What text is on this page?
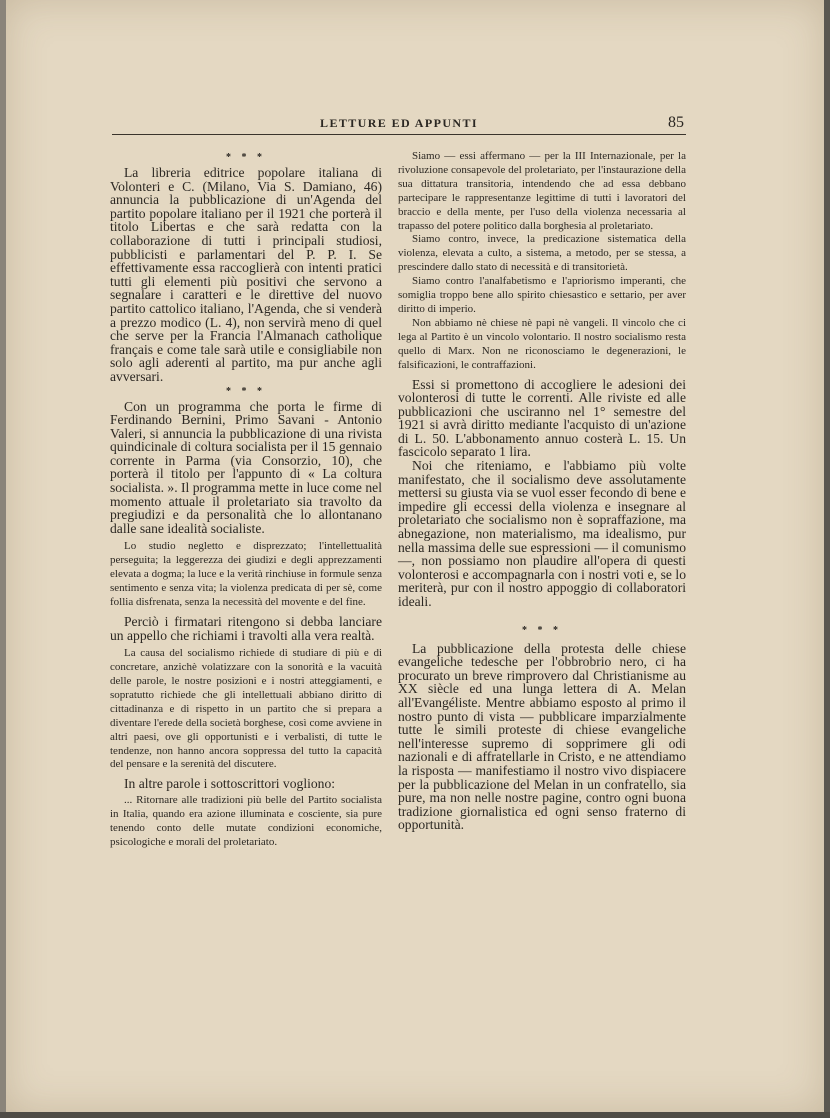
LETTURE ED APPUNTI	85
* * *

La libreria editrice popolare italiana di Volonteri e C. (Milano, Via S. Damiano, 46) annuncia la pubblicazione di un'Agenda del partito popolare italiano per il 1921 che porterà il titolo Libertas e che sarà redatta con la collaborazione di tutti i principali studiosi, pubblicisti e parlamentari del P. P. I. Se effettivamente essa raccoglierà con intenti pratici tutti gli elementi più positivi che servono a segnalare i caratteri e le direttive del nuovo partito cattolico italiano, l'Agenda, che si venderà a prezzo modico (L. 4), non servirà meno di quel che serve per la Francia l'Almanach catholique français e come tale sarà utile e consigliabile non solo agli aderenti al partito, ma pur anche agli avversari.

* * *

Con un programma che porta le firme di Ferdinando Bernini, Primo Savani - Antonio Valeri, si annuncia la pubblicazione di una rivista quindicinale di coltura socialista per il 15 gennaio corrente in Parma (via Consorzio, 10), che porterà il titolo per l'appunto di « La coltura socialista. ». Il programma mette in luce come nel momento attuale il proletariato sia travolto da pregiudizi e da personalità che lo allontanano dalle sane idealità socialiste.

Lo studio negletto e disprezzato; l'intellettualità perseguita; la leggerezza dei giudizi e degli apprezzamenti elevata a dogma; la luce e la verità rinchiuse in formule senza sentimento e senza vita; la violenza predicata di per sè, come follia disfrenata, senza la necessità del movente e del fine.

Perciò i firmatari ritengono si debba lanciare un appello che richiami i travolti alla vera realtà.

La causa del socialismo richiede di studiare di più e di concretare, anzichè volatizzare con la sonorità e la vacuità delle parole, le nostre posizioni e i nostri atteggiamenti, e sopratutto richiede che gli intellettuali abbiano diritto di cittadinanza e di rispetto in un partito che si prepara a diventare l'erede della società borghese, così come avviene in altri paesi, ove gli opportunisti e i verbalisti, di tutte le tendenze, non hanno ancora soppressa del tutto la capacità del pensare e la serenità del discutere.

In altre parole i sottoscrittori vogliono:

... Ritornare alle tradizioni più belle del Partito socialista in Italia, quando era azione illuminata e cosciente, sia pure tenendo conto delle mutate condizioni economiche, psicologiche e morali del proletariato.

Siamo — essi affermano — per la III Internazionale, per la rivoluzione consapevole del proletariato, per l'instaurazione della sua dittatura transitoria, intendendo che ad essa debbano partecipare le rappresentanze legittime di tutti i lavoratori del braccio e della mente, per l'uso della violenza necessaria al trapasso del potere politico dalla borghesia al proletariato.

Siamo contro, invece, la predicazione sistematica della violenza, elevata a culto, a sistema, a metodo, per se stessa, a prescindere dallo stato di necessità e di transitorietà.

Siamo contro l'analfabetismo e l'apriorismo imperanti, che somiglia troppo bene allo spirito chiesastico e settario, per aver diritto di imperio.

Non abbiamo nè chiese nè papi nè vangeli. Il vincolo che ci lega al Partito è un vincolo volontario. Il nostro socialismo resta quello di Marx. Non ne riconosciamo le degenerazioni, le falsificazioni, le contraffazioni.

Essi si promettono di accogliere le adesioni dei volonterosi di tutte le correnti. Alle riviste ed alle pubblicazioni che usciranno nel 1° semestre del 1921 si avrà diritto mediante l'acquisto di un'azione di L. 50. L'abbonamento annuo costerà L. 15. Un fascicolo separato 1 lira.

Noi che riteniamo, e l'abbiamo più volte manifestato, che il socialismo deve assolutamente mettersi su giusta via se vuol esser fecondo di bene e impedire gli eccessi della violenza e insegnare al proletariato che socialismo non è sopraffazione, ma abnegazione, non materialismo, ma idealismo, pur nella massima delle sue espressioni — il comunismo —, non possiamo non plaudire all'opera di questi volonterosi e accompagnarla con i nostri voti e, se lo meriterà, pur con il nostro appoggio di collaboratori ideali.

* * *

La pubblicazione della protesta delle chiese evangeliche tedesche per l'obbrobrio nero, ci ha procurato un breve rimprovero dal Christianisme au XX siècle ed una lunga lettera di A. Melan all'Evangéliste. Mentre abbiamo esposto al primo il nostro punto di vista — pubblicare imparzialmente tutte le simili proteste di chiese evangeliche nell'interesse supremo di sopprimere gli odi nazionali e di affratellarle in Cristo, e ne attendiamo la risposta — manifestiamo il nostro vivo dispiacere per la pubblicazione del Melan in un confratello, sia pure, ma non nelle nostre pagine, contro ogni buona tradizione giornalistica ed ogni senso fraterno di opportunità.
